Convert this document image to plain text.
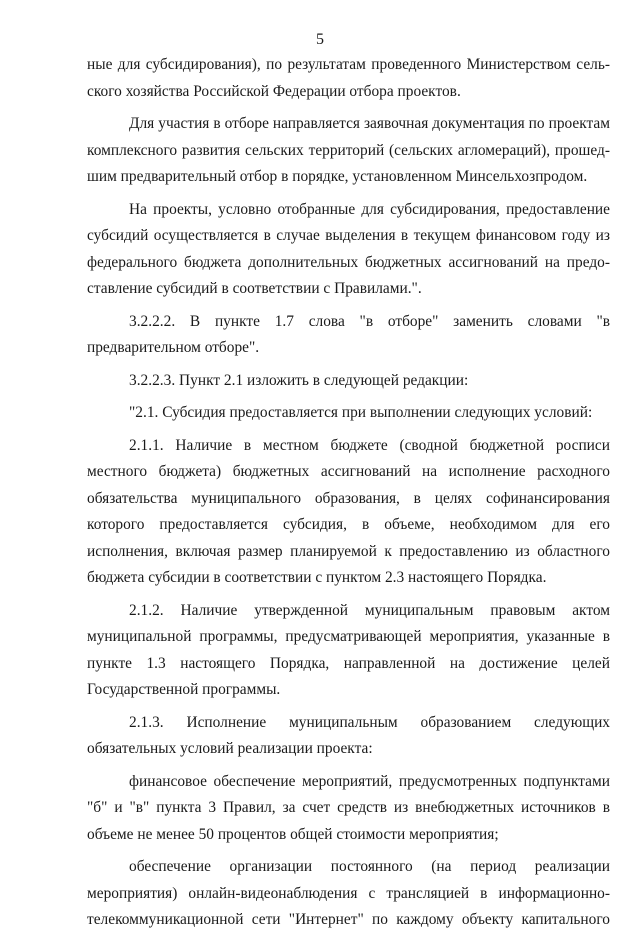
5

ные для субсидирования), по результатам проведенного Министерством сельского хозяйства Российской Федерации отбора проектов.

Для участия в отборе направляется заявочная документация по проектам комплексного развития сельских территорий (сельских агломераций), прошедшим предварительный отбор в порядке, установленном Минсельхозпродом.

На проекты, условно отобранные для субсидирования, предоставление субсидий осуществляется в случае выделения в текущем финансовом году из федерального бюджета дополнительных бюджетных ассигнований на предоставление субсидий в соответствии с Правилами.".

3.2.2.2. В пункте 1.7 слова "в отборе" заменить словами "в предварительном отборе".

3.2.2.3. Пункт 2.1 изложить в следующей редакции:

"2.1. Субсидия предоставляется при выполнении следующих условий:

2.1.1. Наличие в местном бюджете (сводной бюджетной росписи местного бюджета) бюджетных ассигнований на исполнение расходного обязательства муниципального образования, в целях софинансирования которого предоставляется субсидия, в объеме, необходимом для его исполнения, включая размер планируемой к предоставлению из областного бюджета субсидии в соответствии с пунктом 2.3 настоящего Порядка.

2.1.2. Наличие утвержденной муниципальным правовым актом муниципальной программы, предусматривающей мероприятия, указанные в пункте 1.3 настоящего Порядка, направленной на достижение целей Государственной программы.

2.1.3. Исполнение муниципальным образованием следующих обязательных условий реализации проекта:

финансовое обеспечение мероприятий, предусмотренных подпунктами "б" и "в" пункта 3 Правил, за счет средств из внебюджетных источников в объеме не менее 50 процентов общей стоимости мероприятия;

обеспечение организации постоянного (на период реализации мероприятия) онлайн-видеонаблюдения с трансляцией в информационно-телекоммуникационной сети "Интернет" по каждому объекту капитального
